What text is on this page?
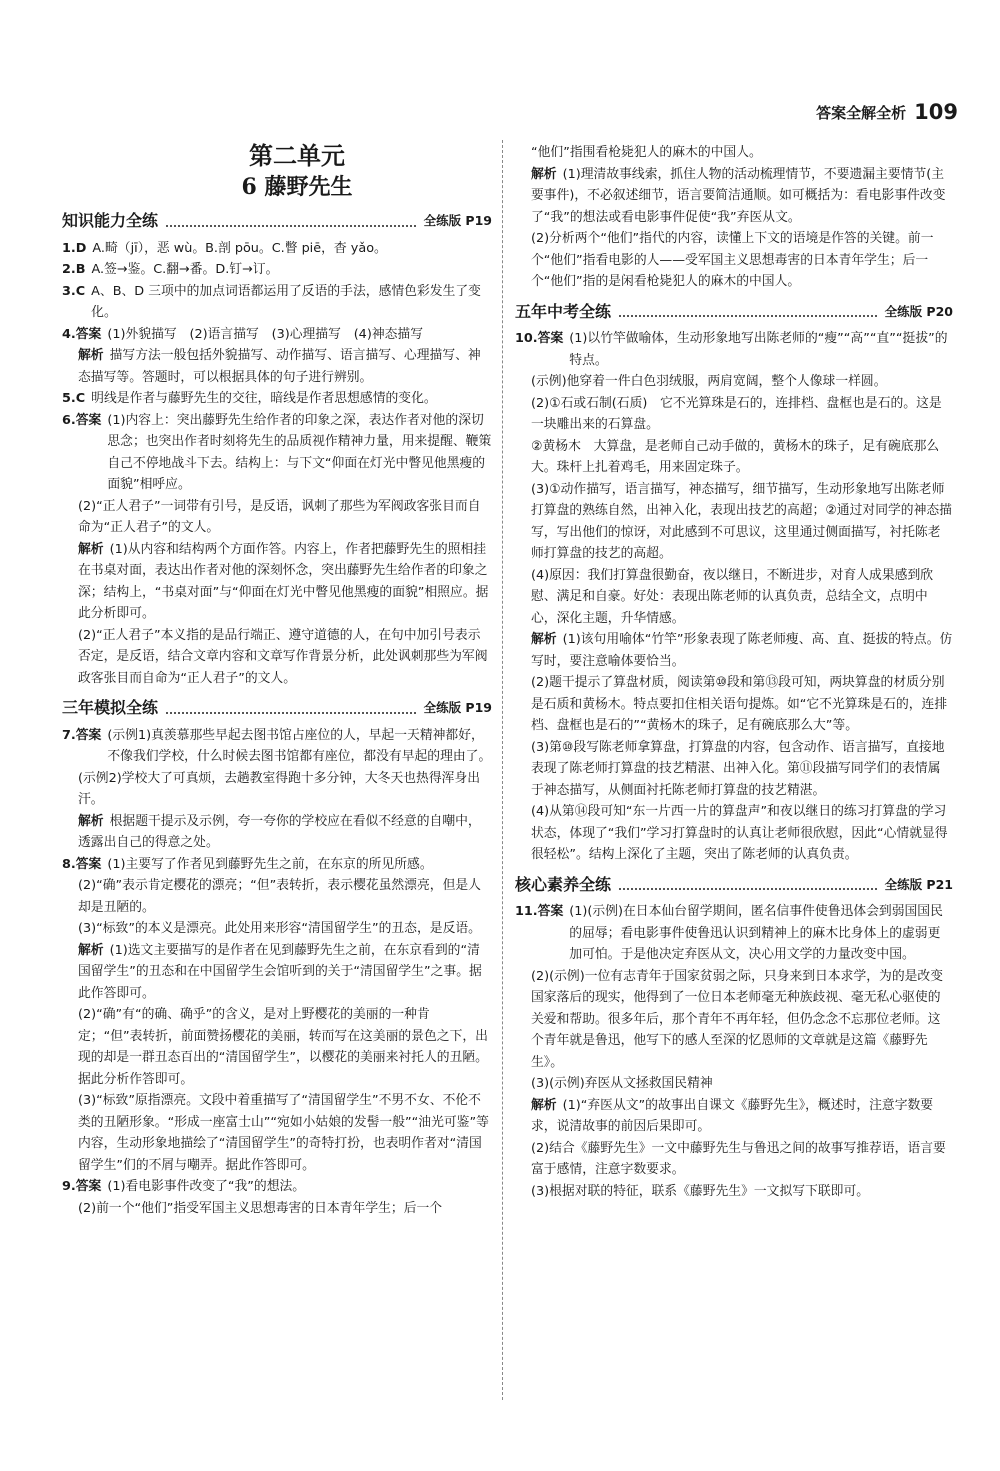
答案全解全析 109
第二单元
6 藤野先生
知识能力全练	全练版 P19
1.D A.畸（jī），恶 wù。B.剖 pōu。C.瞥 piē，杳 yǎo。
2.B A.签→鉴。C.翻→番。D.钉→订。
3.C A、B、D 三项中的加点词语都运用了反语的手法，感情色彩发生了变化。
4.答案 (1)外貌描写　(2)语言描写　(3)心理描写　(4)神态描写

解析 描写方法一般包括外貌描写、动作描写、语言描写、心理描写、神态描写等。答题时，可以根据具体的句子进行辨别。

5.C 明线是作者与藤野先生的交往，暗线是作者思想感情的变化。
6.答案 (1)内容上：突出藤野先生给作者的印象之深，表达作者对他的深切思念；也突出作者时刻将先生的品质视作精神力量，用来提醒、鞭策自己不停地战斗下去。结构上：与下文“仰面在灯光中瞥见他黑瘦的面貌”相呼应。

(2)“正人君子”一词带有引号，是反语，讽刺了那些为军阀政客张目而自命为“正人君子”的文人。

解析 (1)从内容和结构两个方面作答。内容上，作者把藤野先生的照相挂在书桌对面，表达出作者对他的深刻怀念，突出藤野先生给作者的印象之深；结构上，“书桌对面”与“仰面在灯光中瞥见他黑瘦的面貌”相照应。据此分析即可。

(2)“正人君子”本义指的是品行端正、遵守道德的人，在句中加引号表示否定，是反语，结合文章内容和文章写作背景分析，此处讽刺那些为军阀政客张目而自命为“正人君子”的文人。

三年模拟全练	全练版 P19
7.答案 (示例1)真羡慕那些早起去图书馆占座位的人，早起一天精神都好，不像我们学校，什么时候去图书馆都有座位，都没有早起的理由了。

(示例2)学校大了可真烦，去趟教室得跑十多分钟，大冬天也热得浑身出汗。

解析 根据题干提示及示例，夸一夸你的学校应在看似不经意的自嘲中，透露出自己的得意之处。

8.答案 (1)主要写了作者见到藤野先生之前，在东京的所见所感。

(2)“确”表示肯定樱花的漂亮；“但”表转折，表示樱花虽然漂亮，但是人却是丑陋的。

(3)“标致”的本义是漂亮。此处用来形容“清国留学生”的丑态，是反语。

解析 (1)选文主要描写的是作者在见到藤野先生之前，在东京看到的“清国留学生”的丑态和在中国留学生会馆听到的关于“清国留学生”之事。据此作答即可。

(2)“确”有“的确、确乎”的含义，是对上野樱花的美丽的一种肯定；“但”表转折，前面赞扬樱花的美丽，转而写在这美丽的景色之下，出现的却是一群丑态百出的“清国留学生”，以樱花的美丽来衬托人的丑陋。据此分析作答即可。

(3)“标致”原指漂亮。文段中着重描写了“清国留学生”不男不女、不伦不类的丑陋形象。“形成一座富士山”“宛如小姑娘的发髻一般”“油光可鉴”等内容，生动形象地描绘了“清国留学生”的奇特打扮，也表明作者对“清国留学生”们的不屑与嘲弄。据此作答即可。

9.答案 (1)看电影事件改变了“我”的想法。

(2)前一个“他们”指受军国主义思想毒害的日本青年学生；后一个

“他们”指围看枪毙犯人的麻木的中国人。

解析 (1)理清故事线索，抓住人物的活动梳理情节，不要遗漏主要情节(主要事件)，不必叙述细节，语言要简洁通顺。如可概括为：看电影事件改变了“我”的想法或看电影事件促使“我”弃医从文。

(2)分析两个“他们”指代的内容，读懂上下文的语境是作答的关键。前一个“他们”指看电影的人——受军国主义思想毒害的日本青年学生；后一个“他们”指的是闲看枪毙犯人的麻木的中国人。

五年中考全练	全练版 P20
10.答案 (1)以竹竿做喻体，生动形象地写出陈老师的“瘦”“高”“直”“挺拔”的特点。

(示例)他穿着一件白色羽绒服，两肩宽阔，整个人像球一样圆。

(2)①石或石制(石质)　它不光算珠是石的，连排档、盘框也是石的。这是一块雕出来的石算盘。

②黄杨木　大算盘，是老师自己动手做的，黄杨木的珠子，足有碗底那么大。珠杆上扎着鸡毛，用来固定珠子。

(3)①动作描写，语言描写，神态描写，细节描写，生动形象地写出陈老师打算盘的熟练自然，出神入化，表现出技艺的高超；②通过对同学的神态描写，写出他们的惊讶，对此感到不可思议，这里通过侧面描写，衬托陈老师打算盘的技艺的高超。

(4)原因：我们打算盘很勤奋，夜以继日，不断进步，对育人成果感到欣慰、满足和自豪。好处：表现出陈老师的认真负责，总结全文，点明中心，深化主题，升华情感。

解析 (1)该句用喻体“竹竿”形象表现了陈老师瘦、高、直、挺拔的特点。仿写时，要注意喻体要恰当。

(2)题干提示了算盘材质，阅读第⑩段和第⑬段可知，两块算盘的材质分别是石质和黄杨木。特点要扣住相关语句提炼。如“它不光算珠是石的，连排档、盘框也是石的”“黄杨木的珠子，足有碗底那么大”等。

(3)第⑩段写陈老师拿算盘，打算盘的内容，包含动作、语言描写，直接地表现了陈老师打算盘的技艺精湛、出神入化。第⑪段描写同学们的表情属于神态描写，从侧面衬托陈老师打算盘的技艺精湛。

(4)从第⑭段可知“东一片西一片的算盘声”和夜以继日的练习打算盘的学习状态，体现了“我们”学习打算盘时的认真让老师很欣慰，因此“心情就显得很轻松”。结构上深化了主题，突出了陈老师的认真负责。

核心素养全练	全练版 P21
11.答案 (1)(示例)在日本仙台留学期间，匿名信事件使鲁迅体会到弱国国民的屈辱；看电影事件使鲁迅认识到精神上的麻木比身体上的虚弱更加可怕。于是他决定弃医从文，决心用文学的力量改变中国。

(2)(示例)一位有志青年于国家贫弱之际，只身来到日本求学，为的是改变国家落后的现实，他得到了一位日本老师毫无种族歧视、毫无私心驱使的关爱和帮助。很多年后，那个青年不再年轻，但仍念念不忘那位老师。这个青年就是鲁迅，他写下的感人至深的忆恩师的文章就是这篇《藤野先生》。

(3)(示例)弃医从文拯救国民精神

解析 (1)“弃医从文”的故事出自课文《藤野先生》，概述时，注意字数要求，说清故事的前因后果即可。

(2)结合《藤野先生》一文中藤野先生与鲁迅之间的故事写推荐语，语言要富于感情，注意字数要求。

(3)根据对联的特征，联系《藤野先生》一文拟写下联即可。
